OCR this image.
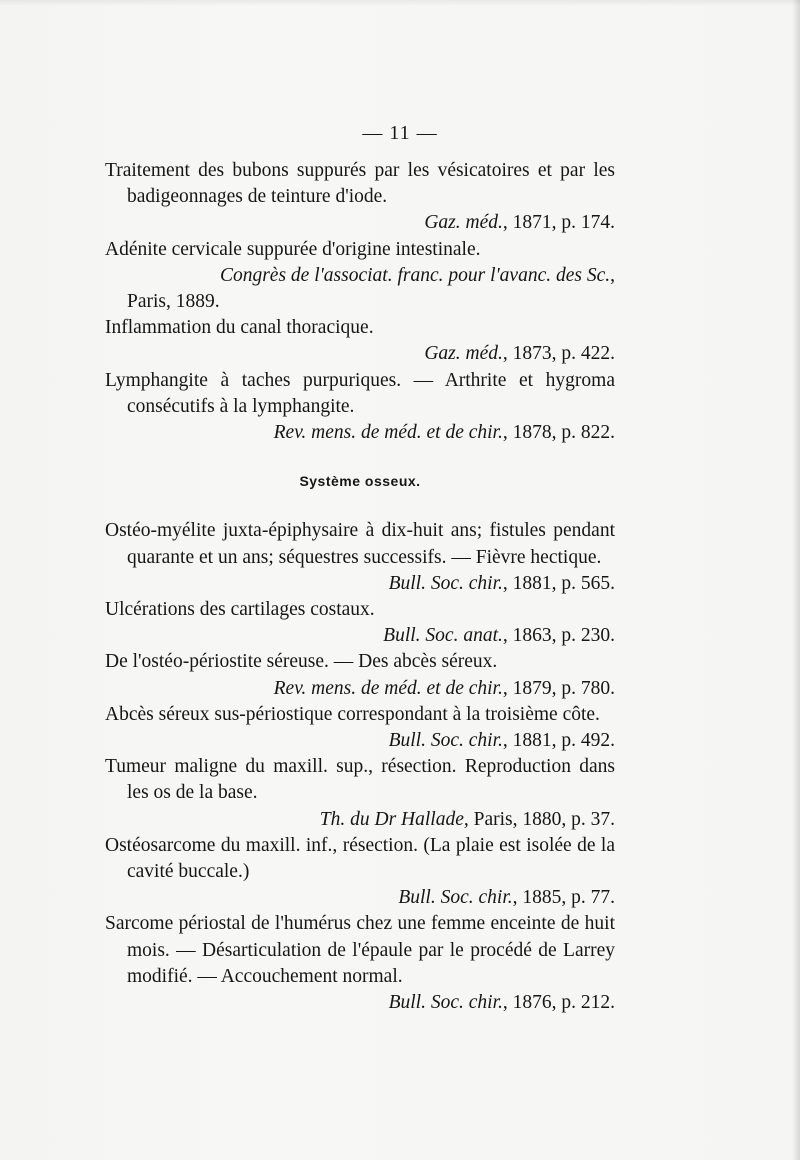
— 11 —
Traitement des bubons suppurés par les vésicatoires et par les badigeonnages de teinture d'iode.
Gaz. méd., 1871, p. 174.
Adénite cervicale suppurée d'origine intestinale.
Congrès de l'associat. franc. pour l'avanc. des Sc.,
Paris, 1889.
Inflammation du canal thoracique.
Gaz. méd., 1873, p. 422.
Lymphangite à taches purpuriques. — Arthrite et hygroma consécutifs à la lymphangite.
Rev. mens. de méd. et de chir., 1878, p. 822.
Système osseux.
Ostéo-myélite juxta-épiphysaire à dix-huit ans; fistules pendant quarante et un ans; séquestres successifs. — Fièvre hectique.
Bull. Soc. chir., 1881, p. 565.
Ulcérations des cartilages costaux.
Bull. Soc. anat., 1863, p. 230.
De l'ostéo-périostite séreuse. — Des abcès séreux.
Rev. mens. de méd. et de chir., 1879, p. 780.
Abcès séreux sus-périostique correspondant à la troisième côte.
Bull. Soc. chir., 1881, p. 492.
Tumeur maligne du maxill. sup., résection. Reproduction dans les os de la base.
Th. du Dr Hallade, Paris, 1880, p. 37.
Ostéosarcome du maxill. inf., résection. (La plaie est isolée de la cavité buccale.)
Bull. Soc. chir., 1885, p. 77.
Sarcome périostal de l'humérus chez une femme enceinte de huit mois. — Désarticulation de l'épaule par le procédé de Larrey modifié. — Accouchement normal.
Bull. Soc. chir., 1876, p. 212.
